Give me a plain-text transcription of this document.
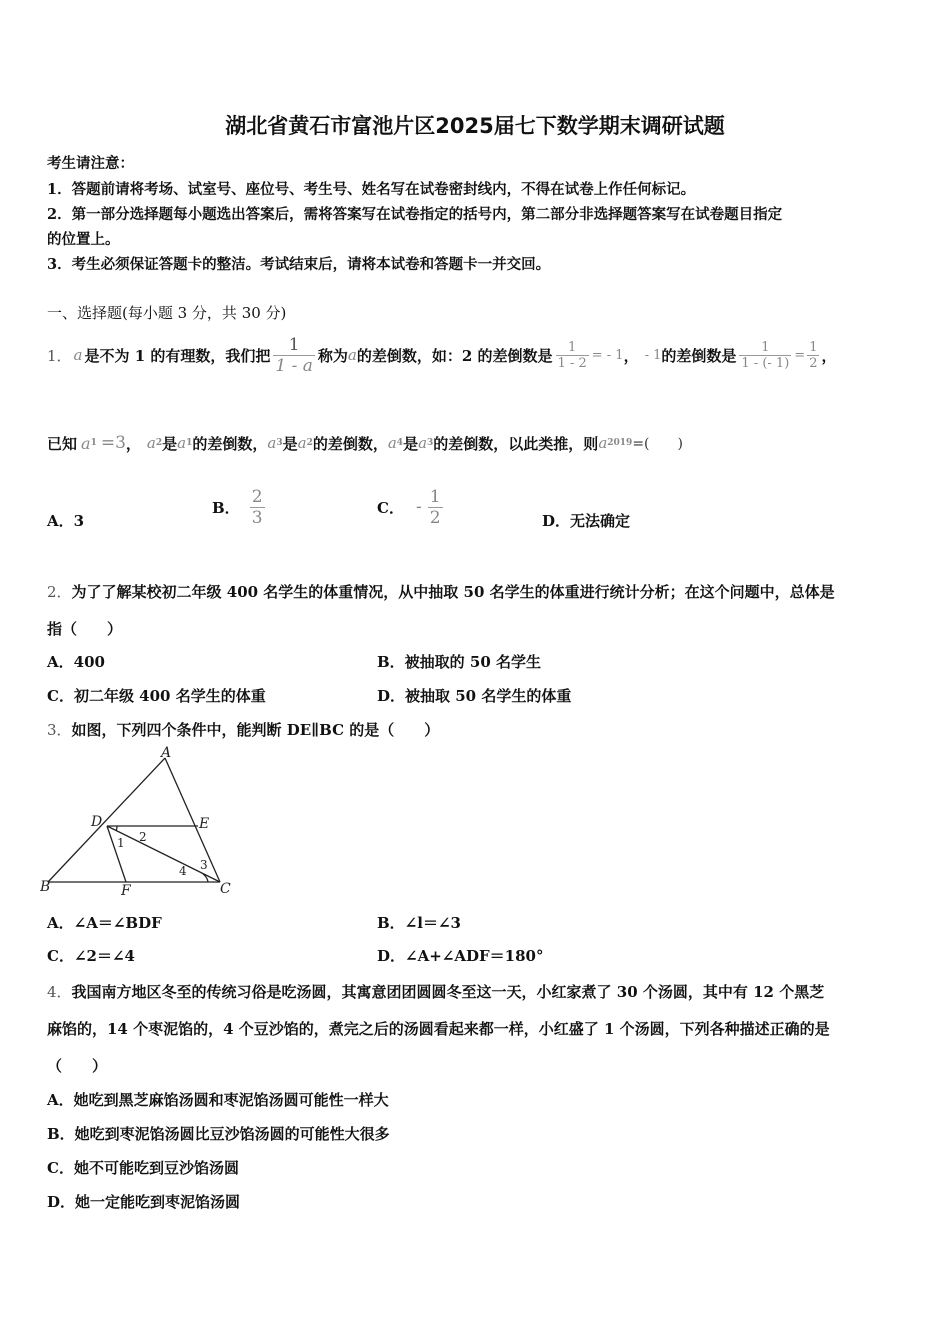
湖北省黄石市富池片区2025届七下数学期末调研试题
考生请注意：
1．答题前请将考场、试室号、座位号、考生号、姓名写在试卷密封线内，不得在试卷上作任何标记。
2．第一部分选择题每小题选出答案后，需将答案写在试卷指定的括号内，第二部分非选择题答案写在试卷题目指定
的位置上。
3．考生必须保证答题卡的整洁。考试结束后，请将本试卷和答题卡一并交回。
一、选择题(每小题 3 分，共 30 分)
1． a 是不为 1 的有理数，我们把 $\frac{1}{1 - a}$ 称为 a 的差倒数，如：2 的差倒数是 $\frac{1}{1 - 2}$ = - 1 ， - 1 的差倒数是 $\frac{1}{1 - (- 1)} = \frac{1}{2}$ ，
已知 a 1 =3 ， a 2 是 a 1 的差倒数， a 3 是 a 2 的差倒数， a 4 是 a 3 的差倒数，以此类推，则 a 2019 =(　　)
A．3
B． $\frac{2}{3}$	C． - $\frac{1}{2}$	D．无法确定
2．为了了解某校初二年级 400 名学生的体重情况，从中抽取 50 名学生的体重进行统计分析；在这个问题中，总体是
指（　　）
A．400	B．被抽取的 50 名学生
C．初二年级 400 名学生的体重	D．被抽取 50 名学生的体重
3．如图，下列四个条件中，能判断 DE∥BC 的是（　　）
A
B	C
D	E
F
1 2
3
4
A．∠A＝∠BDF	B．∠l＝∠3
C．∠2＝∠4	D．∠A+∠ADF＝180°
4．我国南方地区冬至的传统习俗是吃汤圆，其寓意团团圆圆冬至这一天，小红家煮了 30 个汤圆，其中有 12 个黑芝
麻馅的，14 个枣泥馅的，4 个豆沙馅的，煮完之后的汤圆看起来都一样，小红盛了 1 个汤圆，下列各种描述正确的是
（　　）
A．她吃到黑芝麻馅汤圆和枣泥馅汤圆可能性一样大
B．她吃到枣泥馅汤圆比豆沙馅汤圆的可能性大很多
C．她不可能吃到豆沙馅汤圆
D．她一定能吃到枣泥馅汤圆
